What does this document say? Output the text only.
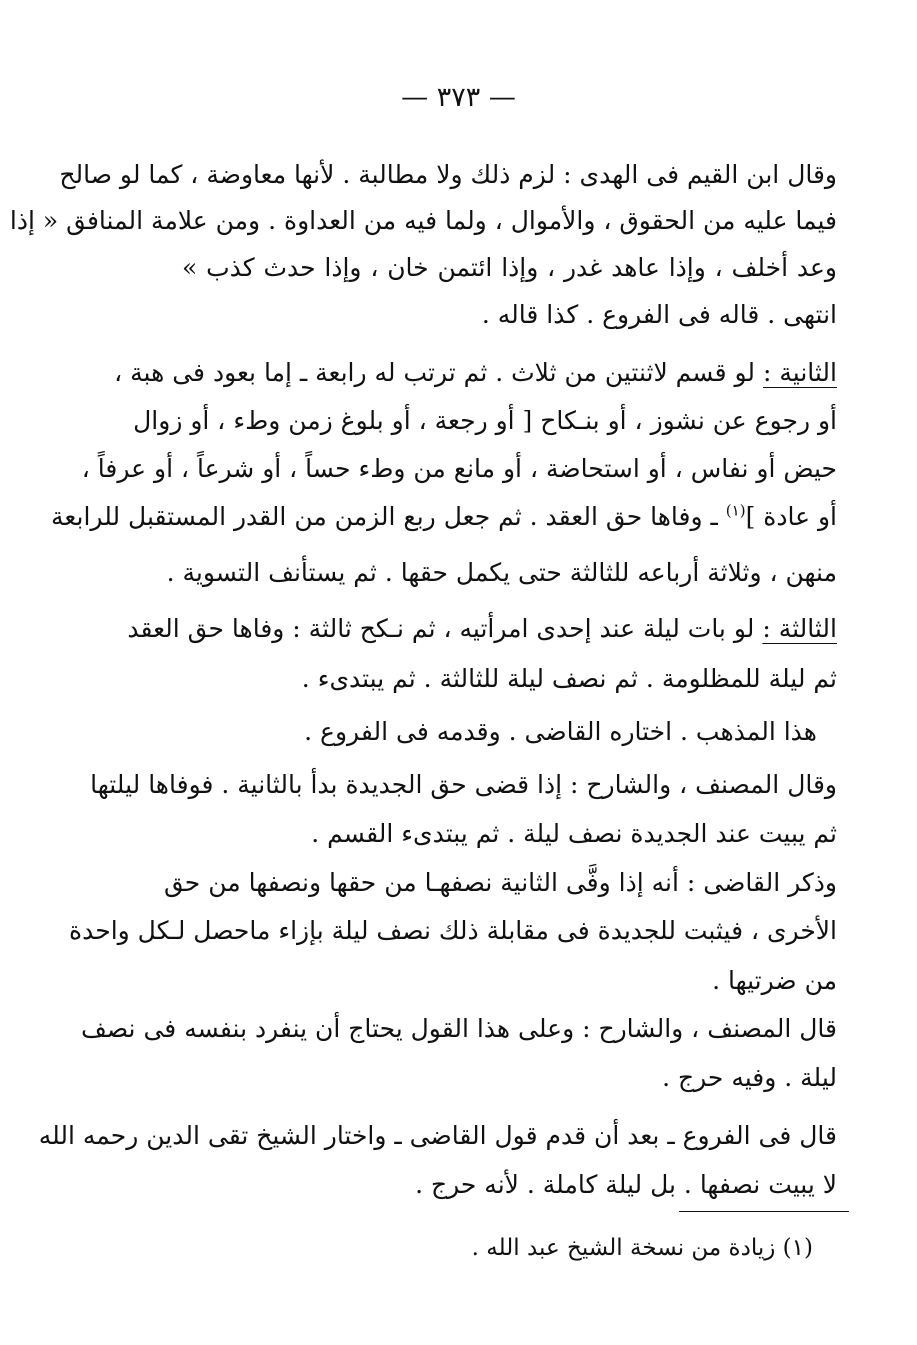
— ٣٧٣ —
وقال ابن القيم فى الهدى : لزم ذلك ولا مطالبة . لأنها معاوضة ، كما لو صالح
فيما عليه من الحقوق ، والأموال ، ولما فيه من العداوة . ومن علامة المنافق « إذا
وعد أخلف ، وإذا عاهد غدر ، وإذا ائتمن خان ، وإذا حدث كذب »
انتهى . قاله فى الفروع . كذا قاله .
الثانية : لو قسم لاثنتين من ثلاث . ثم ترتب له رابعة ـ إما بعود فى هبة ،
أو رجوع عن نشوز ، أو بنـكاح [ أو رجعة ، أو بلوغ زمن وطء ، أو زوال
حيض أو نفاس ، أو استحاضة ، أو مانع من وطء حساً ، أو شرعاً ، أو عرفاً ،
أو عادة ]$^{(١)}$ ـ وفاها حق العقد . ثم جعل ربع الزمن من القدر المستقبل للرابعة
منهن ، وثلاثة أرباعه للثالثة حتى يكمل حقها . ثم يستأنف التسوية .
الثالثة : لو بات ليلة عند إحدى امرأتيه ، ثم نـكح ثالثة : وفاها حق العقد
ثم ليلة للمظلومة . ثم نصف ليلة للثالثة . ثم يبتدىء .
هذا المذهب . اختاره القاضى . وقدمه فى الفروع .
وقال المصنف ، والشارح : إذا قضى حق الجديدة بدأ بالثانية . فوفاها ليلتها
ثم يبيت عند الجديدة نصف ليلة . ثم يبتدىء القسم .
وذكر القاضى : أنه إذا وفَّى الثانية نصفهـا من حقها ونصفها من حق
الأخرى ، فيثبت للجديدة فى مقابلة ذلك نصف ليلة بإزاء ماحصل لـكل واحدة
من ضرتيها .
قال المصنف ، والشارح : وعلى هذا القول يحتاج أن ينفرد بنفسه فى نصف
ليلة . وفيه حرج .
قال فى الفروع ـ بعد أن قدم قول القاضى ـ واختار الشيخ تقى الدين رحمه الله
لا يبيت نصفها . بل ليلة كاملة . لأنه حرج .
(١) زيادة من نسخة الشيخ عبد الله .
